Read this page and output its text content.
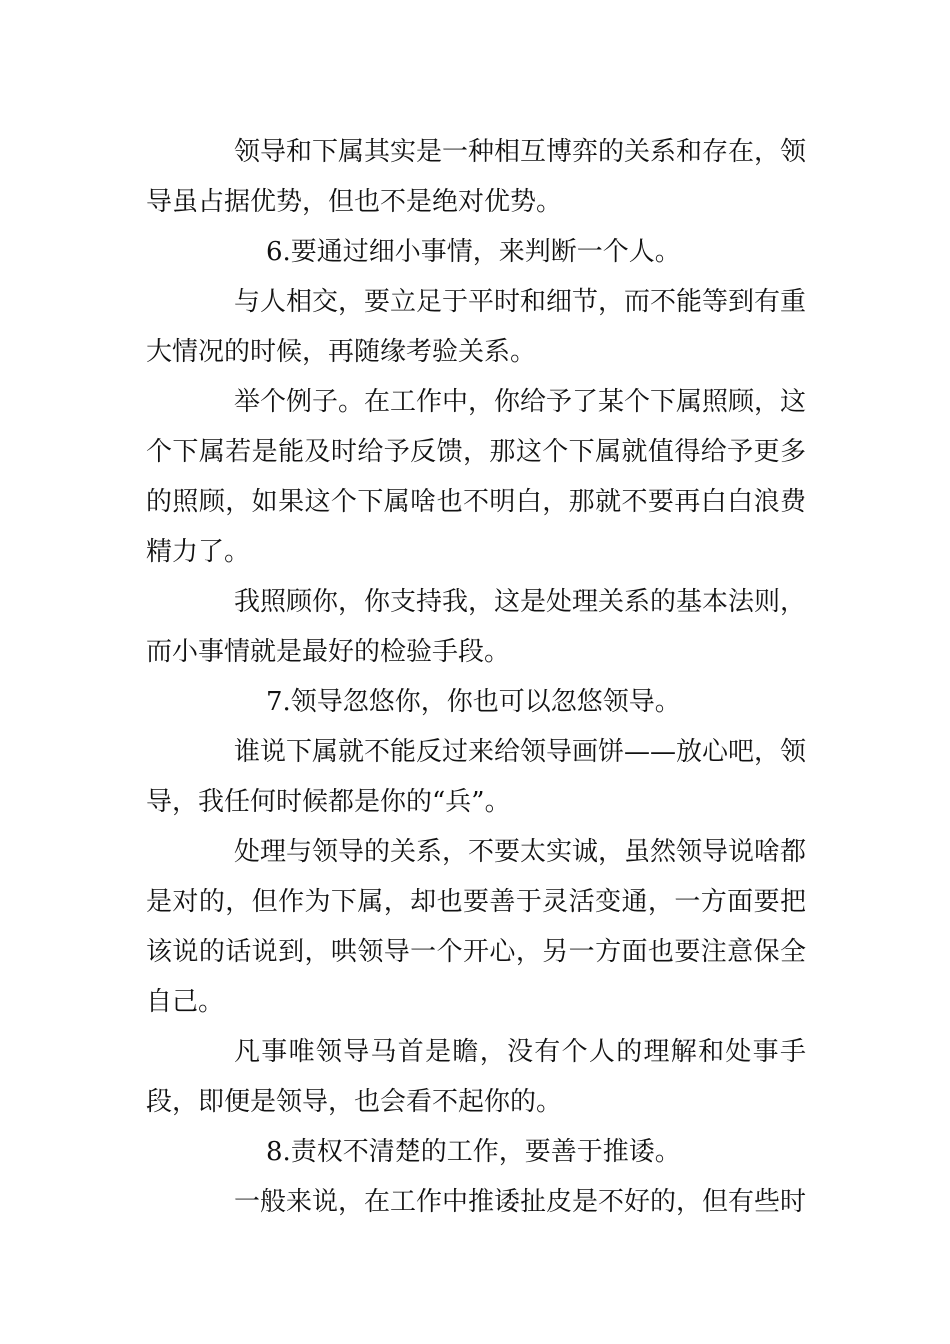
领导和下属其实是一种相互博弈的关系和存在，领导虽占据优势，但也不是绝对优势。

6.要通过细小事情，来判断一个人。

与人相交，要立足于平时和细节，而不能等到有重大情况的时候，再随缘考验关系。

举个例子。在工作中，你给予了某个下属照顾，这个下属若是能及时给予反馈，那这个下属就值得给予更多的照顾，如果这个下属啥也不明白，那就不要再白白浪费精力了。

我照顾你，你支持我，这是处理关系的基本法则，而小事情就是最好的检验手段。

7.领导忽悠你，你也可以忽悠领导。

谁说下属就不能反过来给领导画饼——放心吧，领导，我任何时候都是你的“兵”。

处理与领导的关系，不要太实诚，虽然领导说啥都是对的，但作为下属，却也要善于灵活变通，一方面要把该说的话说到，哄领导一个开心，另一方面也要注意保全自己。

凡事唯领导马首是瞻，没有个人的理解和处事手段，即便是领导，也会看不起你的。

8.责权不清楚的工作，要善于推诿。

一般来说，在工作中推诿扯皮是不好的，但有些时
